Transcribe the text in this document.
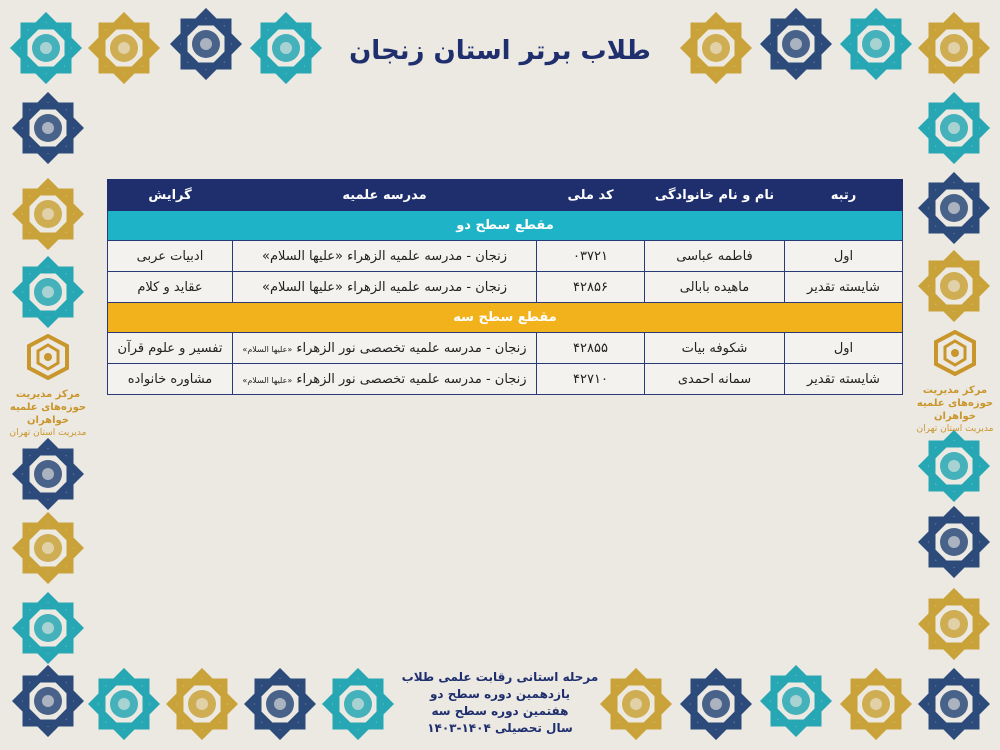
طلاب برتر استان زنجان
مرکز مدیریت حوزه‌های علمیه خواهران
مدیریت استان تهران
مرکز مدیریت حوزه‌های علمیه خواهران
مدیریت استان تهران
رتبه	نام و نام خانوادگی	کد ملی	مدرسه علمیه	گرایش
مقطع سطح دو				
اول	فاطمه عباسی	۰۳۷۲۱	زنجان - مدرسه علمیه الزهراء «علیها السلام»	ادبیات عربی
شایسته تقدیر	ماهیده بابالی	۴۲۸۵۶	زنجان - مدرسه علمیه الزهراء «علیها السلام»	عقاید و کلام
مقطع سطح سه				
اول	شکوفه بیات	۴۲۸۵۵	زنجان - مدرسه علمیه تخصصی نور الزهراء «علیها السلام»	تفسیر و علوم قرآن
شایسته تقدیر	سمانه احمدی	۴۲۷۱۰	زنجان - مدرسه علمیه تخصصی نور الزهراء «علیها السلام»	مشاوره خانواده
مرحله استانی رقابت علمی طلاب
یازدهمین دوره سطح دو
هفتمین دوره سطح سه
سال تحصیلی ۱۴۰۴-۱۴۰۳
